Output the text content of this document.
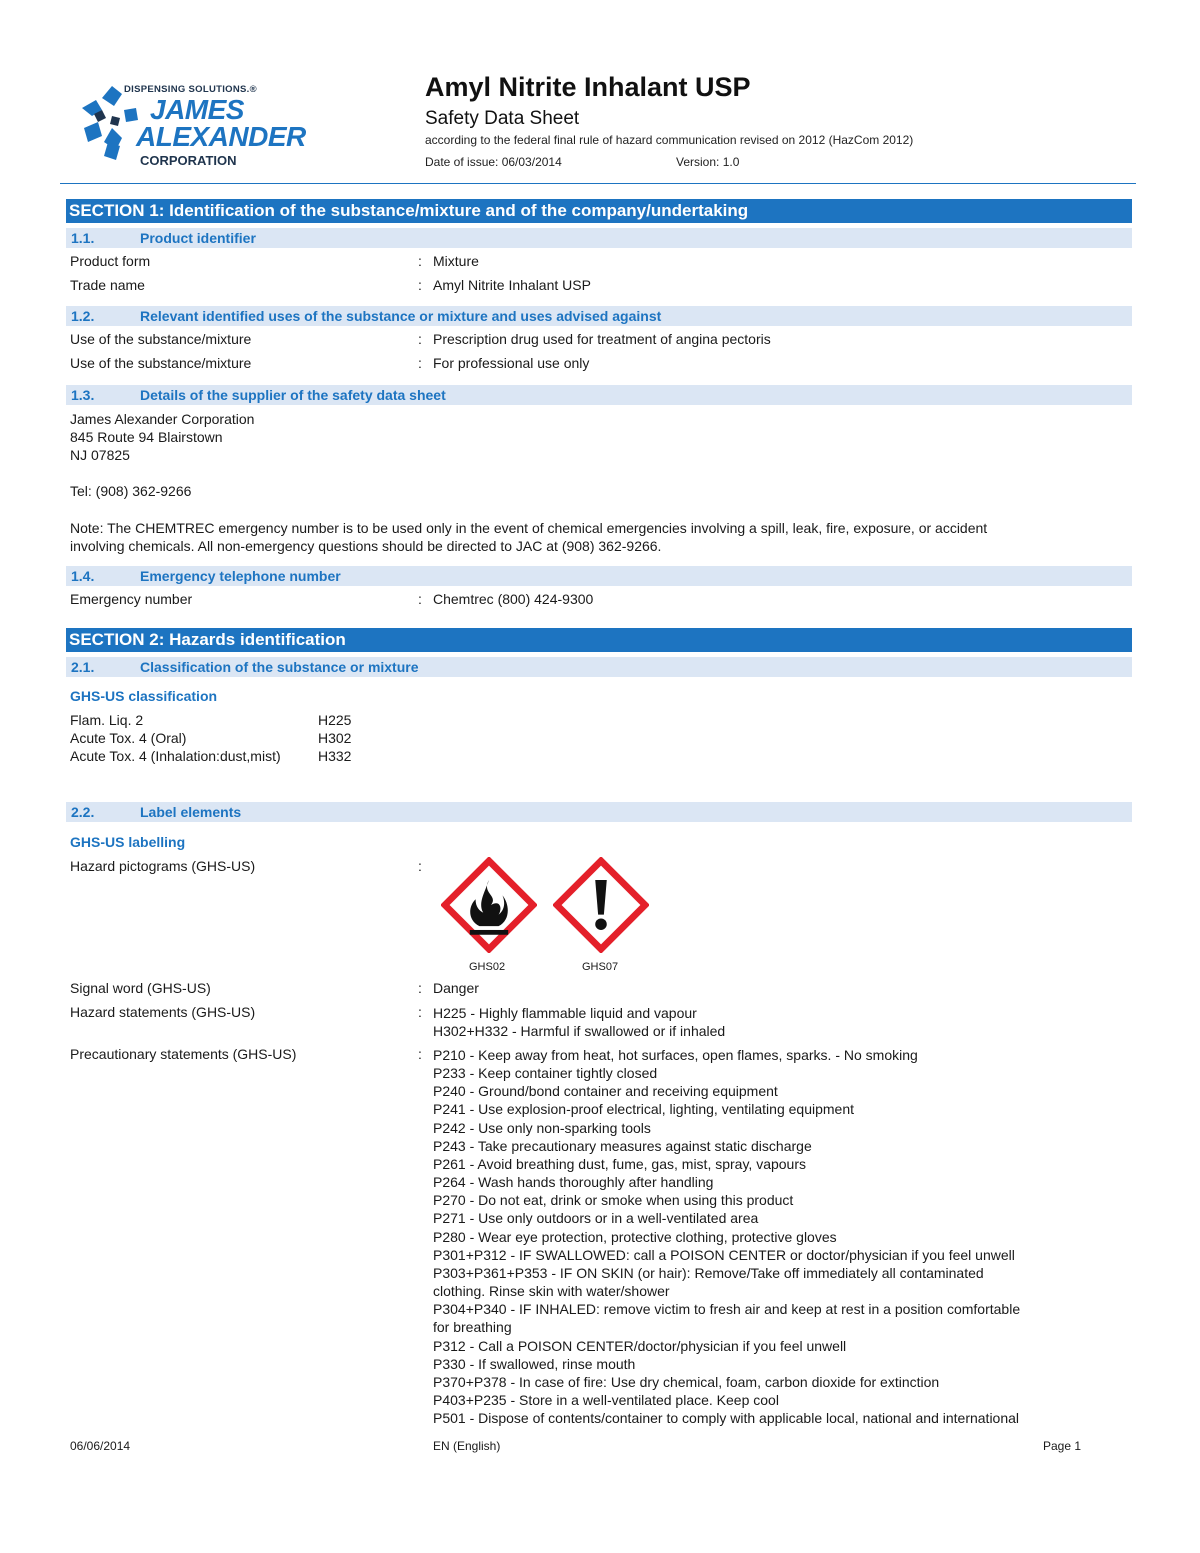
DISPENSING SOLUTIONS.®
JAMES
ALEXANDER
CORPORATION
Amyl Nitrite Inhalant USP
Safety Data Sheet
according to the federal final rule of hazard communication revised on 2012 (HazCom 2012)
Date of issue: 06/03/2014	Version: 1.0
SECTION 1: Identification of the substance/mixture and of the company/undertaking
1.1.	Product identifier
Product form	: Mixture
Trade name	: Amyl Nitrite Inhalant USP
1.2.	Relevant identified uses of the substance or mixture and uses advised against
Use of the substance/mixture	: Prescription drug used for treatment of angina pectoris
Use of the substance/mixture	: For professional use only
1.3.	Details of the supplier of the safety data sheet
James Alexander Corporation
845 Route 94 Blairstown
NJ 07825
Tel: (908) 362-9266
Note: The CHEMTREC emergency number is to be used only in the event of chemical emergencies involving a spill, leak, fire, exposure, or accident
involving chemicals. All non-emergency questions should be directed to JAC at (908) 362-9266.
1.4.	Emergency telephone number
Emergency number	: Chemtrec (800) 424-9300
SECTION 2: Hazards identification
2.1.	Classification of the substance or mixture
GHS-US classification
Flam. Liq. 2	H225
Acute Tox. 4 (Oral)	H302
Acute Tox. 4 (Inhalation:dust,mist)	H332
2.2.	Label elements
GHS-US labelling
Hazard pictograms (GHS-US)	:
GHS02	GHS07
Signal word (GHS-US)	: Danger
Hazard statements (GHS-US)	: H225 - Highly flammable liquid and vapour
H302+H332 - Harmful if swallowed or if inhaled
Precautionary statements (GHS-US)	: P210 - Keep away from heat, hot surfaces, open flames, sparks. - No smoking
P233 - Keep container tightly closed
P240 - Ground/bond container and receiving equipment
P241 - Use explosion-proof electrical, lighting, ventilating equipment
P242 - Use only non-sparking tools
P243 - Take precautionary measures against static discharge
P261 - Avoid breathing dust, fume, gas, mist, spray, vapours
P264 - Wash hands thoroughly after handling
P270 - Do not eat, drink or smoke when using this product
P271 - Use only outdoors or in a well-ventilated area
P280 - Wear eye protection, protective clothing, protective gloves
P301+P312 - IF SWALLOWED: call a POISON CENTER or doctor/physician if you feel unwell
P303+P361+P353 - IF ON SKIN (or hair): Remove/Take off immediately all contaminated
clothing. Rinse skin with water/shower
P304+P340 - IF INHALED: remove victim to fresh air and keep at rest in a position comfortable
for breathing
P312 - Call a POISON CENTER/doctor/physician if you feel unwell
P330 - If swallowed, rinse mouth
P370+P378 - In case of fire: Use dry chemical, foam, carbon dioxide for extinction
P403+P235 - Store in a well-ventilated place. Keep cool
P501 - Dispose of contents/container to comply with applicable local, national and international
06/06/2014	EN (English)	Page 1
